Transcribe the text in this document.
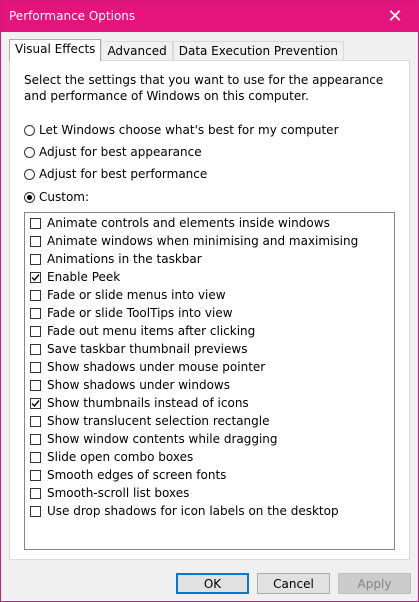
Performance Options	✕
Visual Effects	Advanced	Data Execution Prevention
Select the settings that you want to use for the appearance and performance of Windows on this computer.
Let Windows choose what's best for my computer
Adjust for best appearance
Adjust for best performance
Custom:
Animate controls and elements inside windows
Animate windows when minimising and maximising
Animations in the taskbar
Enable Peek
Fade or slide menus into view
Fade or slide ToolTips into view
Fade out menu items after clicking
Save taskbar thumbnail previews
Show shadows under mouse pointer
Show shadows under windows
Show thumbnails instead of icons
Show translucent selection rectangle
Show window contents while dragging
Slide open combo boxes
Smooth edges of screen fonts
Smooth-scroll list boxes
Use drop shadows for icon labels on the desktop
OK	Cancel	Apply
